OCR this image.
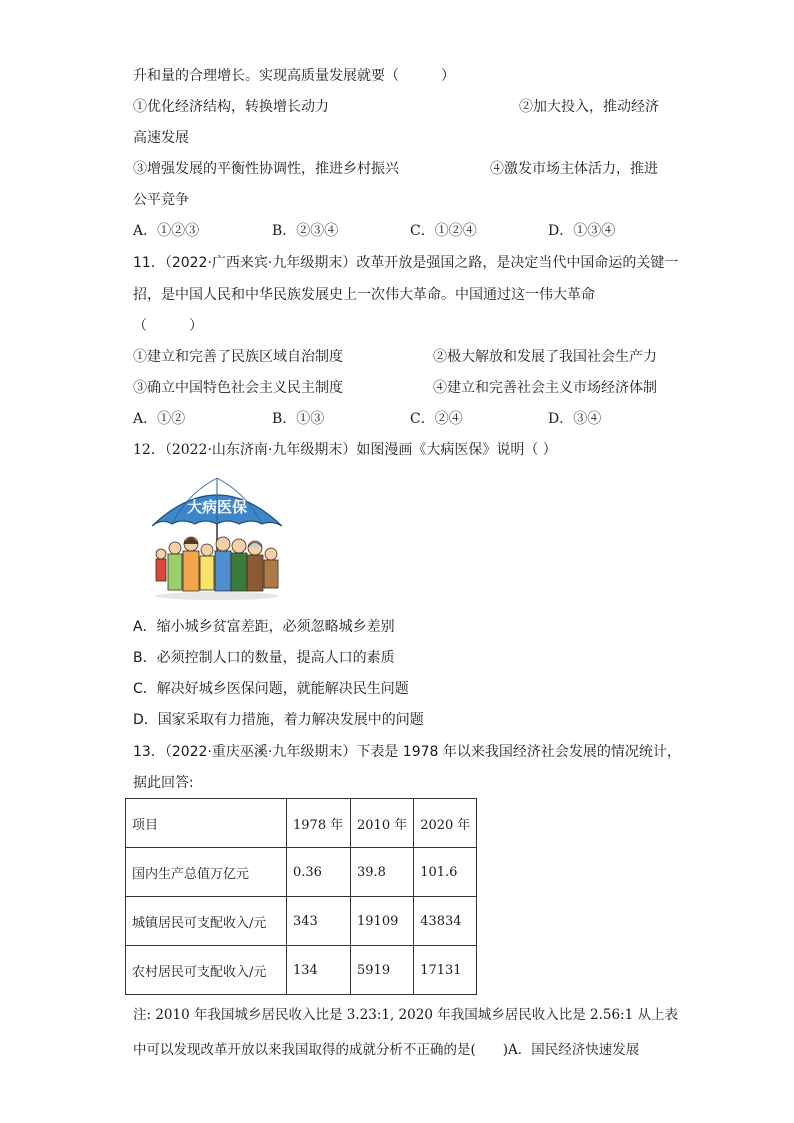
升和量的合理增长。实现高质量发展就要（　　　）
①优化经济结构，转换增长动力	②加大投入，推动经济
高速发展
③增强发展的平衡性协调性，推进乡村振兴	④激发市场主体活力，推进
公平竞争
A．①②③	B．②③④	C．①②④	D．①③④
11．（2022·广西来宾·九年级期末）改革开放是强国之路，是决定当代中国命运的关键一
招，是中国人民和中华民族发展史上一次伟大革命。中国通过这一伟大革命
（　　　）
①建立和完善了民族区域自治制度	②极大解放和发展了我国社会生产力
③确立中国特色社会主义民主制度	④建立和完善社会主义市场经济体制
A．①②	B．①③	C．②④	D．③④
12．（2022·山东济南·九年级期末）如图漫画《大病医保》说明（ ）
大病医保
A．缩小城乡贫富差距，必须忽略城乡差别
B．必须控制人口的数量，提高人口的素质
C．解决好城乡医保问题，就能解决民生问题
D．国家采取有力措施，着力解决发展中的问题
13．（2022·重庆巫溪·九年级期末）下表是 1978 年以来我国经济社会发展的情况统计，
据此回答:
项目	1978 年	2010 年	2020 年
国内生产总值万亿元	0.36	39.8	101.6
城镇居民可支配收入/元	343	19109	43834
农村居民可支配收入/元	134	5919	17131
注: 2010 年我国城乡居民收入比是 3.23:1, 2020 年我国城乡居民收入比是 2.56:1 从上表
中可以发现改革开放以来我国取得的成就分析不正确的是(　　)A．国民经济快速发展
